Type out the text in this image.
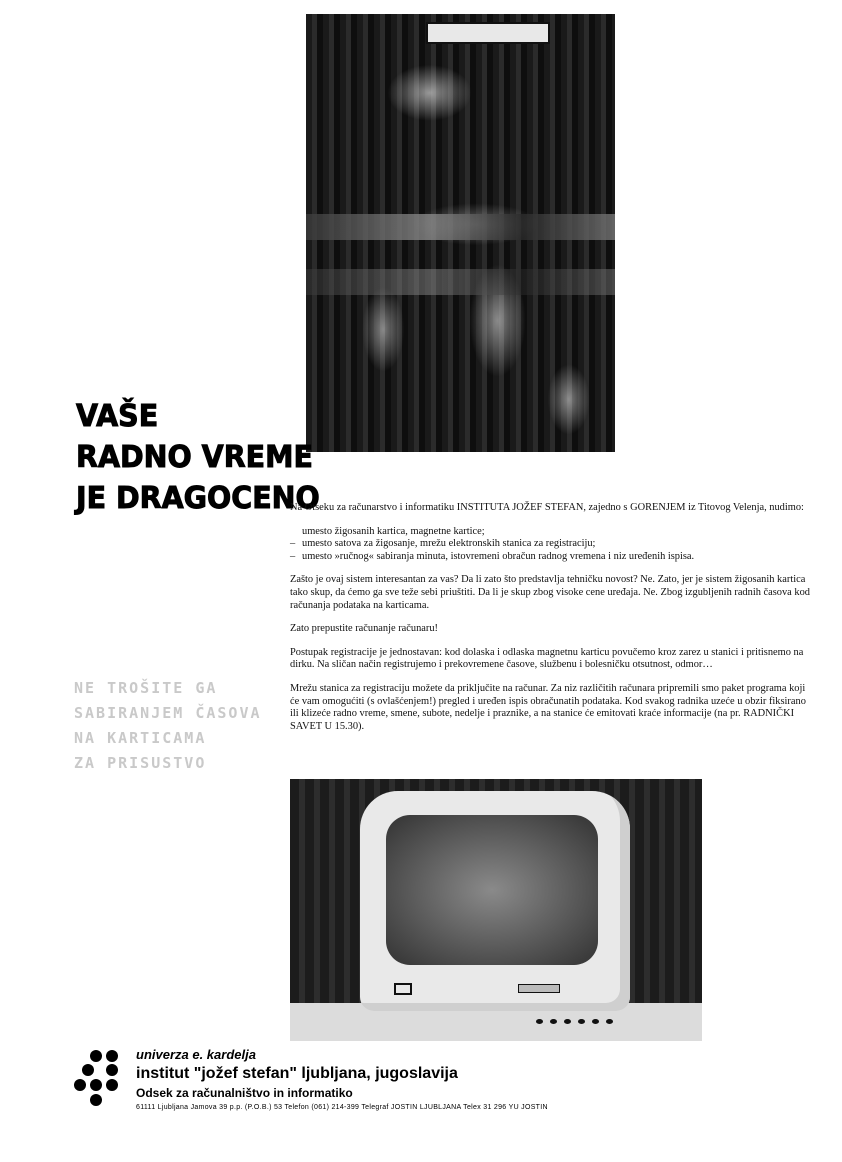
VAŠE
RADNO VREME
JE DRAGOCENO
NE TROŠITE GA
SABIRANJEM ČASOVA
NA KARTICAMA
ZA PRISUSTVO

Na Otseku za računarstvo i informatiku INSTITUTA JOŽEF STEFAN, zajedno s GORENJEM iz Titovog Velenja, nudimo:

umesto žigosanih kartica, magnetne kartice;
– umesto satova za žigosanje, mrežu elektronskih stanica za registraciju;
– umesto »ručnog« sabiranja minuta, istovremeni obračun radnog vremena i niz uređenih ispisa.

Zašto je ovaj sistem interesantan za vas? Da li zato što predstavlja tehničku novost? Ne. Zato, jer je sistem žigosanih kartica tako skup, da ćemo ga sve teže sebi priuštiti. Da li je skup zbog visoke cene uređaja. Ne. Zbog izgubljenih radnih časova kod računanja podataka na karticama.

Zato prepustite računanje računaru!

Postupak registracije je jednostavan: kod dolaska i odlaska magnetnu karticu povučemo kroz zarez u stanici i pritisnemo na dirku. Na sličan način registrujemo i prekovremene časove, službenu i bolesničku otsutnost, odmor…

Mrežu stanica za registraciju možete da priključite na računar. Za niz različitih računara pripremili smo paket programa koji će vam omogućiti (s ovlašćenjem!) pregled i uređen ispis obračunatih podataka. Kod svakog radnika uzeće u obzir fiksirano ili klizeće radno vreme, smene, subote, nedelje i praznike, a na stanice će emitovati kraće informacije (na pr. RADNIČKI SAVET U 15.30).

univerza e. kardelja
institut "jožef stefan" ljubljana, jugoslavija
Odsek za računalništvo in informatiko
61111 Ljubljana Jamova 39 p.p. (P.O.B.) 53 Telefon (061) 214-399 Telegraf JOSTIN LJUBLJANA Telex 31 296 YU JOSTIN
